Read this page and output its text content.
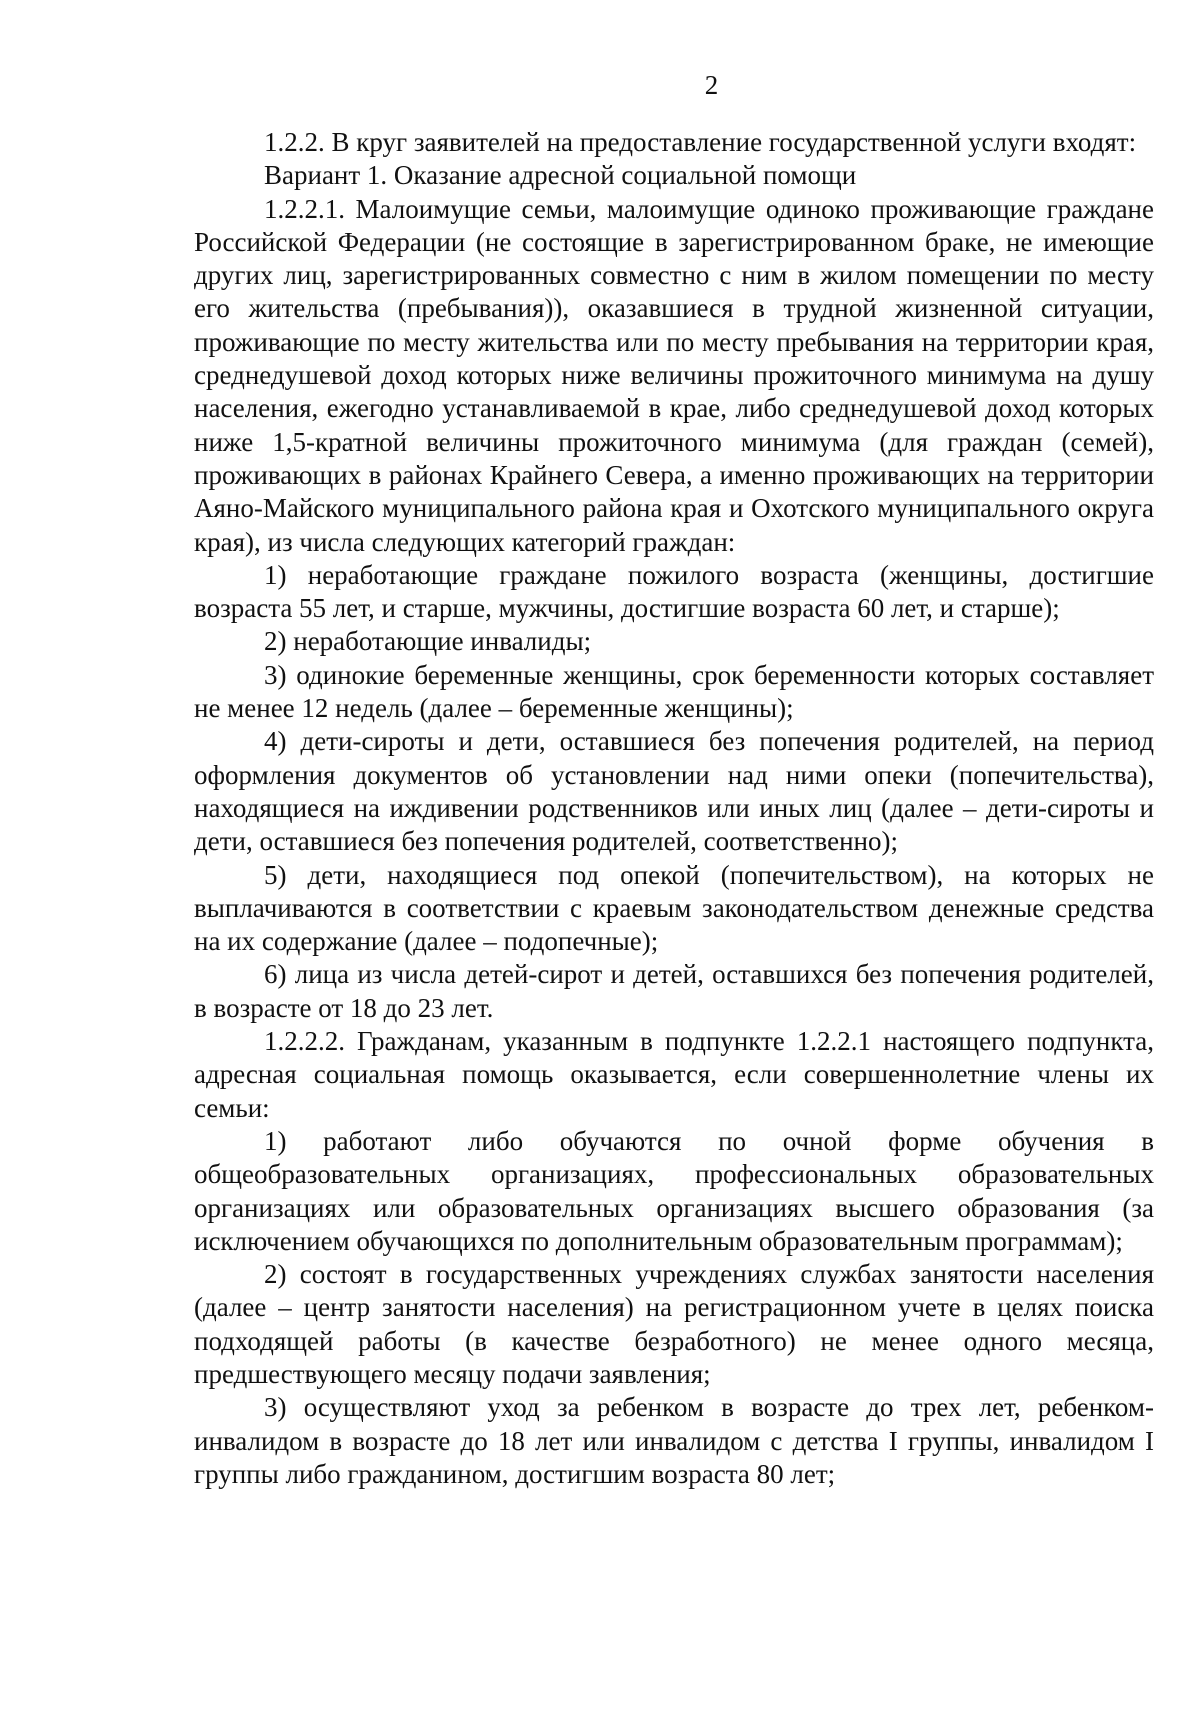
2

1.2.2. В круг заявителей на предоставление государственной услуги входят:

Вариант 1. Оказание адресной социальной помощи

1.2.2.1. Малоимущие семьи, малоимущие одиноко проживающие граждане Российской Федерации (не состоящие в зарегистрированном браке, не имеющие других лиц, зарегистрированных совместно с ним в жилом помещении по месту его жительства (пребывания)), оказавшиеся в трудной жизненной ситуации, проживающие по месту жительства или по месту пребывания на территории края, среднедушевой доход которых ниже величины прожиточного минимума на душу населения, ежегодно устанавливаемой в крае, либо среднедушевой доход которых ниже 1,5-кратной величины прожиточного минимума (для граждан (семей), проживающих в районах Крайнего Севера, а именно проживающих на территории Аяно-Майского муниципального района края и Охотского муниципального округа края), из числа следующих категорий граждан:

1) неработающие граждане пожилого возраста (женщины, достигшие возраста 55 лет, и старше, мужчины, достигшие возраста 60 лет, и старше);

2) неработающие инвалиды;

3) одинокие беременные женщины, срок беременности которых составляет не менее 12 недель (далее – беременные женщины);

4) дети-сироты и дети, оставшиеся без попечения родителей, на период оформления документов об установлении над ними опеки (попечительства), находящиеся на иждивении родственников или иных лиц (далее – дети-сироты и дети, оставшиеся без попечения родителей, соответственно);

5) дети, находящиеся под опекой (попечительством), на которых не выплачиваются в соответствии с краевым законодательством денежные средства на их содержание (далее – подопечные);

6) лица из числа детей-сирот и детей, оставшихся без попечения родителей, в возрасте от 18 до 23 лет.

1.2.2.2. Гражданам, указанным в подпункте 1.2.2.1 настоящего подпункта, адресная социальная помощь оказывается, если совершеннолетние члены их семьи:

1) работают либо обучаются по очной форме обучения в общеобразовательных организациях, профессиональных образовательных организациях или образовательных организациях высшего образования (за исключением обучающихся по дополнительным образовательным программам);

2) состоят в государственных учреждениях службах занятости населения (далее – центр занятости населения) на регистрационном учете в целях поиска подходящей работы (в качестве безработного) не менее одного месяца, предшествующего месяцу подачи заявления;

3) осуществляют уход за ребенком в возрасте до трех лет, ребенком-инвалидом в возрасте до 18 лет или инвалидом с детства I группы, инвалидом I группы либо гражданином, достигшим возраста 80 лет;
